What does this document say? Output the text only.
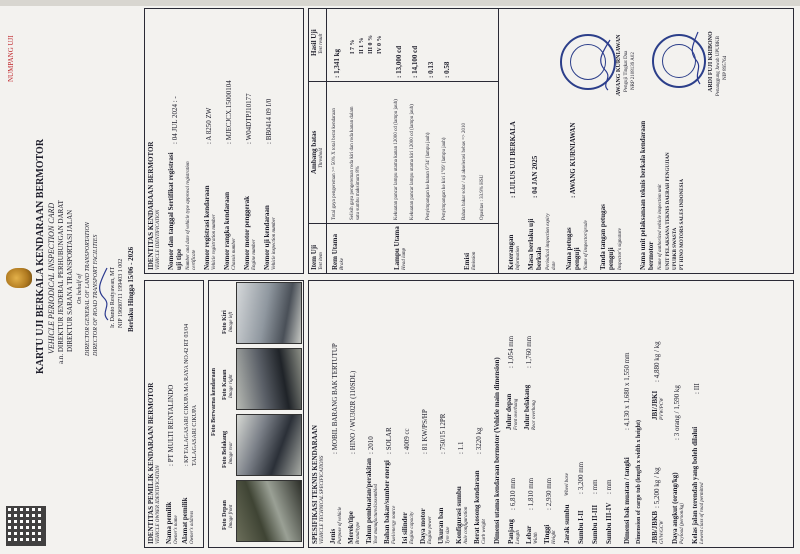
KARTU UJI BERKALA KENDARAAN BERMOTOR VEHICLE PERIODICAL INSPECTION CARD a.n. DIREKTUR JENDERAL PERHUBUNGAN DARAT DIREKTUR SARANA TRANSPORTASI JALAN On behalf of DIRECTOR GENERAL OF LAND TRANSPORTATION DIRECTOR OF ROAD TRANSPORT FACILITIES Ir. Danto Restyawan, MT NIP 19680711 199403 1 002 Berlaku Hingga 15/06 - 2026
NUMPANG UJI
IDENTITAS PEMILIK KENDARAAN BERMOTOR VEHICLE OWNER IDENTIFICATION Nama pemilik Owner's name
: PT MULTI RENTALINDO
Alamat pemilik Owner's address
: KP TALAGASARI CIKUPA MA RAYA NO.42 RT 03/04 TALAGASARI CIKUPA Foto Berwarna kendaraan
Foto Depan Image front
Foto Belakang Image rear
Foto Kanan Image right
Foto Kiri Image left
SPESIFIKASI TEKNIS KENDARAAN VEHICLE TECHNICAL SPECIFICATIONS Jenis Purpose of vehicle
: MOBIL BARANG BAK TERTUTUP
Merek/tipe Brand/type
: HINO / WU302R (110SDL)
Tahun pembuatan/perakitan Year manufactured/assembled
: 2010
Bahan bakar/sumber energi Fuel/energy source
: SOLAR
Isi silinder Engine capacity
: 4009 cc
Daya motor Engine power
: 81 KW/PS/HP
Ukuran ban Tyre size
: 750/15 12PR
Konfigurasi sumbu Axle configuration
: 1.1
Berat kosong kendaraan Curb weight
: 3220 kg Dimensi utama kendaraan bermotor (Vehicle main dimension) Panjang Length
: 6,810 mm
Julur depan Front overhang
: 1,054 mm
Lebar Width
: 1,810 mm
Julur belakang Rear overhang
: 1,760 mm
Tinggi Height
: 2,930 mm
Jarak sumbu
Wheel base
Sumbu I-II
: 3,200 mm
Sumbu II-III
: mm
Sumbu III-IV
: mm Dimensi bak muatan / tangki
: 4,130 x 1,680 x 1,550 mm
Dimension of cargo tub (length x width x height) JBB/JBKB GVW/GCW
: 5,200 kg / kg
JBI/JBKI PVW/PCW
: 4,880 kg / kg
Daya angkut (orang/kg) Payload (person/kg)
: 3 orang / 1,590 kg
Kelas jalan terendah yang boleh dilalui Lowest class of road permitted
: III
IDENTITAS KENDARAAN BERMOTOR VEHICLE IDENTIFICATION Nomor dan tanggal Sertifikat registrasi uji tipe Number and date of vehicle type approval registration certificate
: 04 JUL 2024 : -
Nomor registrasi kendaraan Vehicle registration number
: A 8250 ZW
Nomor rangka kendaraan Chassis number
: MJECJCX.15000104
Nomor motor penggerak Engine number
: W04DTPJ10177
Nomor uji kendaraan Vehicle inspection number
: BB0414 09 I/0
Item Uji Test item
Ambang batas Threshold
Hasil Uji Test result
Rem Utama Brake
Total gaya pengereman >= 50% X total berat kendaraan
: 1,341 kg
Selisih gaya pengereman roda kiri dan roda kanan dalam satu sumbu maksimum 8%
I 7 % II 1 % III 0 % IV 0 %
Lampu Utama Head lamp
Kekuatan pancar lampu utama kanan 12000 cd (lampu jauh)
: 13,000 cd
Kekuatan pancar lampu utama kiri 12000 cd (lampu jauh)
: 14,100 cd
Penyimpangan ke kanan 0°34' (lampu jauh)
: 0.13
Penyimpangan ke kiri 1°09' (lampu jauh)
: 0.58
Emisi Emission
Bahan bakar solar / uji akselerasi bebas => 2010	Opasitas : 33.9% HSU
Keterangan Information
: LULUS UJI BERKALA
Masa berlaku uji berkala Periodical inspection expiry date
: 04 JAN 2025
Nama petugas penguji Name of inspector/grade
: AWANG KURNIAWAN
Tanda tangan petugas penguji Inspector's signature Nama unit pelaksanaan teknis berkala kendaraan bermotor Name of authorized vehicle inspection unit UNIT PELAKSANA TEKNIS DAERAH PENGUJIAN UPUBKB SWASTA PT HINO MOTORS SALES INDONESIA
AWANG KURNIAWAN Penguji Tingkat Dua NRP 2108139 A02	ARDI FUJI KRIBONO Penanggung Jawab UPUBKB NIP 895764
